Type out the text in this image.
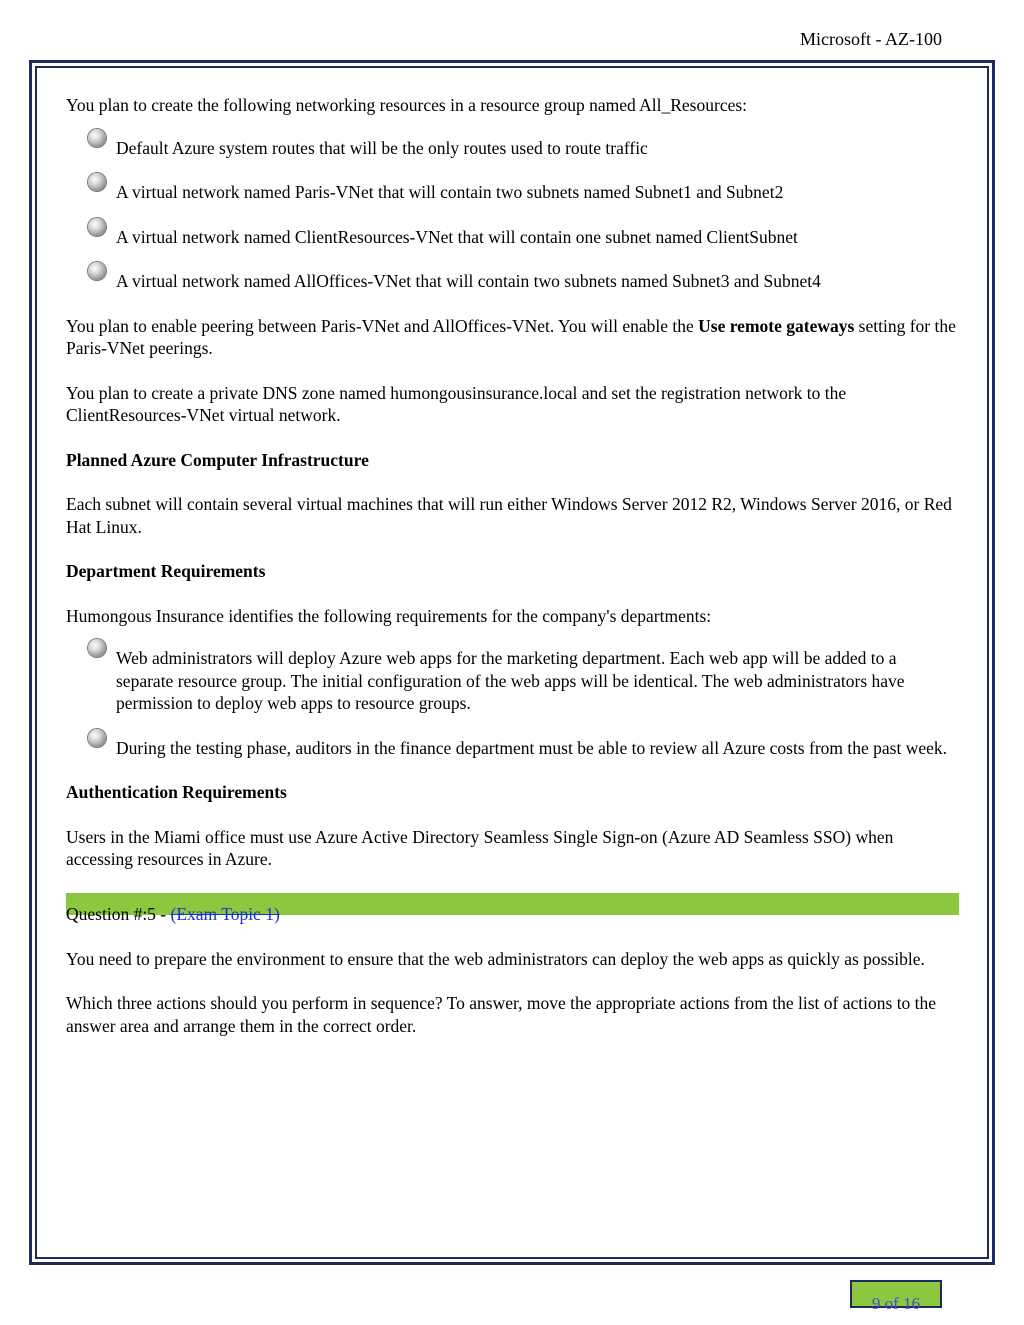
Microsoft - AZ-100

You plan to create the following networking resources in a resource group named All_Resources:

Default Azure system routes that will be the only routes used to route traffic
A virtual network named Paris-VNet that will contain two subnets named Subnet1 and Subnet2
A virtual network named ClientResources-VNet that will contain one subnet named ClientSubnet
A virtual network named AllOffices-VNet that will contain two subnets named Subnet3 and Subnet4

You plan to enable peering between Paris-VNet and AllOffices-VNet. You will enable the Use remote gateways setting for the Paris-VNet peerings.

You plan to create a private DNS zone named humongousinsurance.local and set the registration network to the ClientResources-VNet virtual network.

Planned Azure Computer Infrastructure

Each subnet will contain several virtual machines that will run either Windows Server 2012 R2, Windows Server 2016, or Red Hat Linux.

Department Requirements

Humongous Insurance identifies the following requirements for the company's departments:

Web administrators will deploy Azure web apps for the marketing department. Each web app will be added to a separate resource group. The initial configuration of the web apps will be identical. The web administrators have permission to deploy web apps to resource groups.
During the testing phase, auditors in the finance department must be able to review all Azure costs from the past week.

Authentication Requirements

Users in the Miami office must use Azure Active Directory Seamless Single Sign-on (Azure AD Seamless SSO) when accessing resources in Azure.

Question #:5 - (Exam Topic 1)

You need to prepare the environment to ensure that the web administrators can deploy the web apps as quickly as possible.

Which three actions should you perform in sequence? To answer, move the appropriate actions from the list of actions to the answer area and arrange them in the correct order.

9 of 16
